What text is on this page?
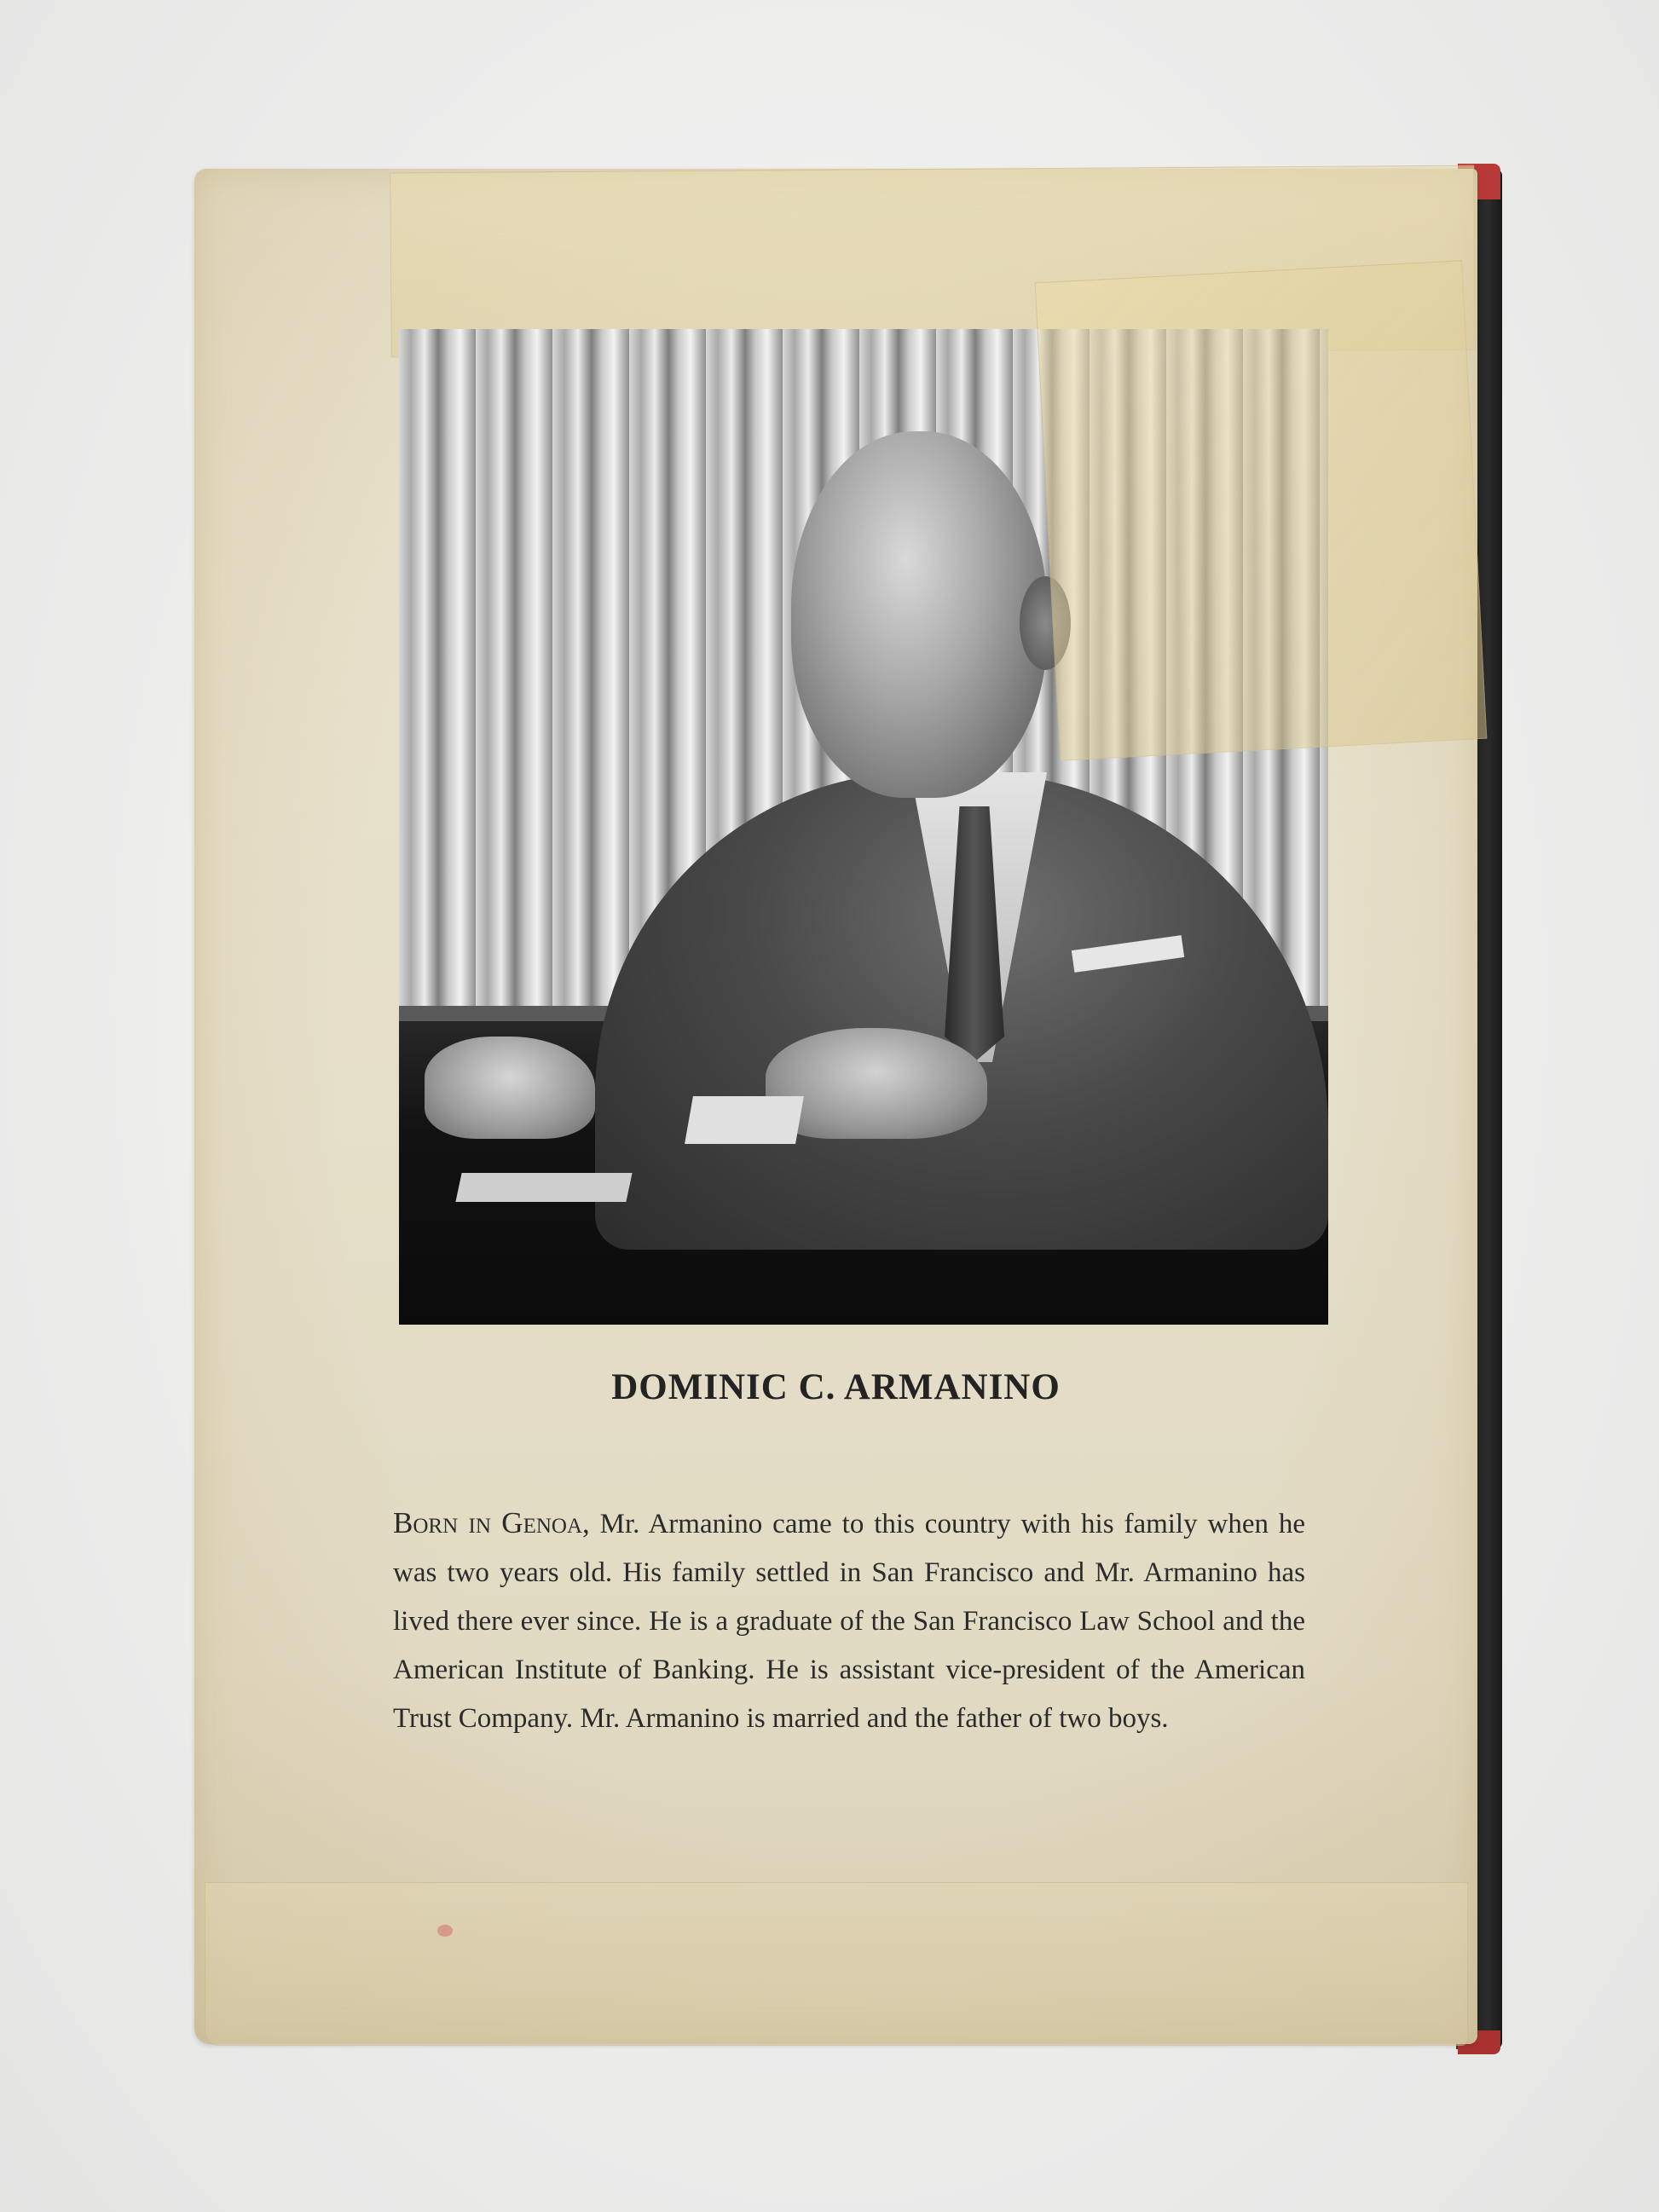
DOMINIC C. ARMANINO

Born in Genoa, Mr. Armanino came to this country with his family when he was two years old. His family settled in San Francisco and Mr. Armanino has lived there ever since. He is a graduate of the San Francisco Law School and the American Institute of Banking. He is assistant vice-president of the American Trust Company. Mr. Armanino is married and the father of two boys.
